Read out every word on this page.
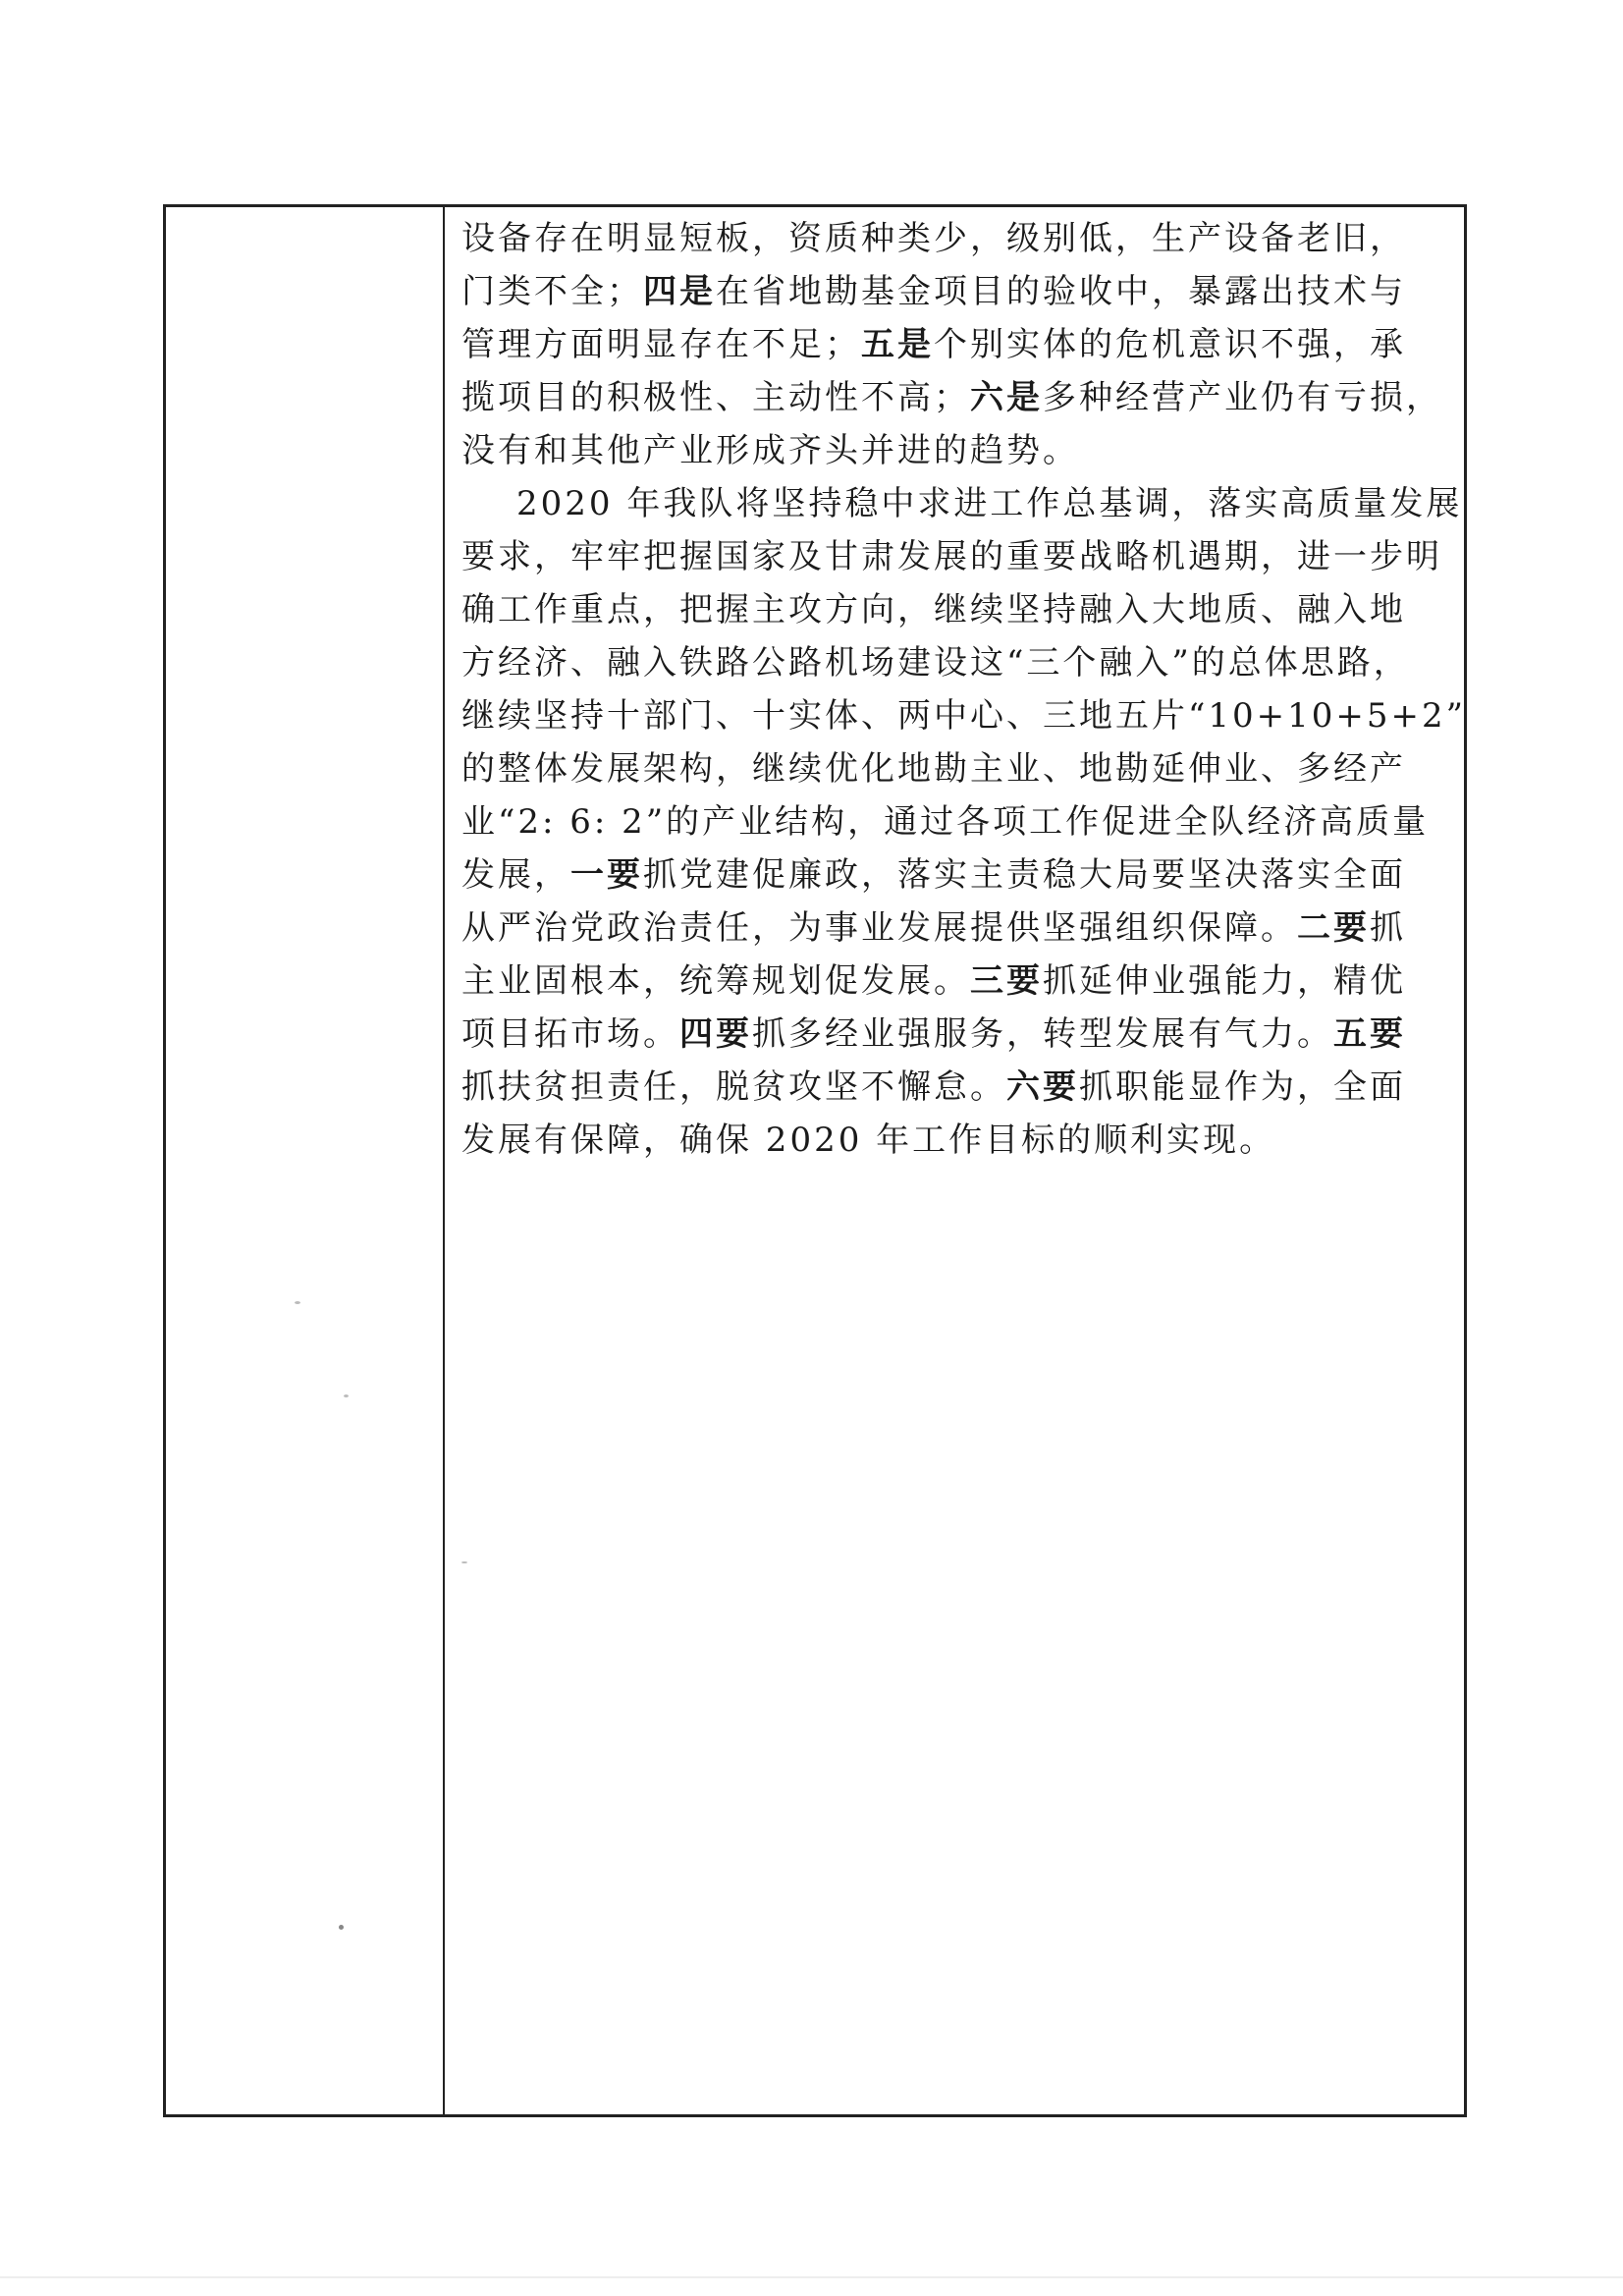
设备存在明显短板，资质种类少，级别低，生产设备老旧，
门类不全；四是在省地勘基金项目的验收中，暴露出技术与
管理方面明显存在不足；五是个别实体的危机意识不强，承
揽项目的积极性、主动性不高；六是多种经营产业仍有亏损，
没有和其他产业形成齐头并进的趋势。
2020 年我队将坚持稳中求进工作总基调，落实高质量发展
要求，牢牢把握国家及甘肃发展的重要战略机遇期，进一步明
确工作重点，把握主攻方向，继续坚持融入大地质、融入地
方经济、融入铁路公路机场建设这“三个融入”的总体思路，
继续坚持十部门、十实体、两中心、三地五片“10+10+5+2”
的整体发展架构，继续优化地勘主业、地勘延伸业、多经产
业“2: 6: 2”的产业结构，通过各项工作促进全队经济高质量
发展，一要抓党建促廉政，落实主责稳大局要坚决落实全面
从严治党政治责任，为事业发展提供坚强组织保障。二要抓
主业固根本，统筹规划促发展。三要抓延伸业强能力，精优
项目拓市场。四要抓多经业强服务，转型发展有气力。五要
抓扶贫担责任，脱贫攻坚不懈怠。六要抓职能显作为，全面
发展有保障，确保 2020 年工作目标的顺利实现。
